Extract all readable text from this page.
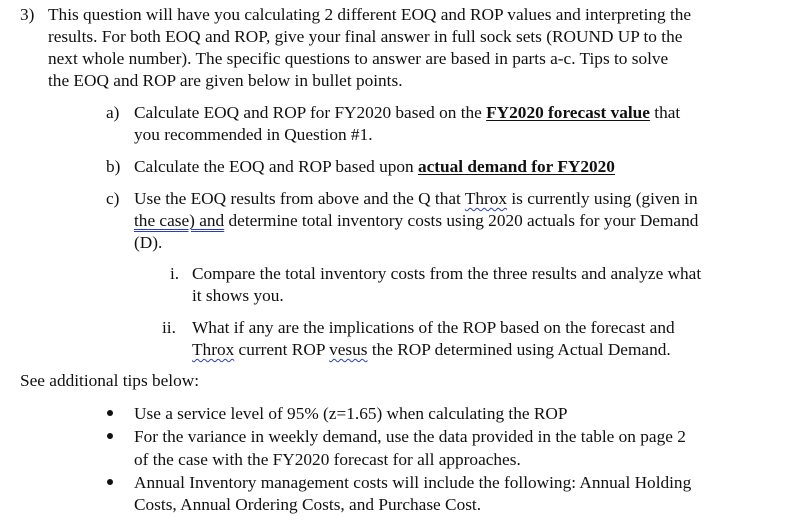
3) This question will have you calculating 2 different EOQ and ROP values and interpreting the
results. For both EOQ and ROP, give your final answer in full sock sets (ROUND UP to the
next whole number). The specific questions to answer are based in parts a-c. Tips to solve
the EOQ and ROP are given below in bullet points.
a) Calculate EOQ and ROP for FY2020 based on the FY2020 forecast value that
you recommended in Question #1.
b) Calculate the EOQ and ROP based upon actual demand for FY2020
c) Use the EOQ results from above and the Q that Throx is currently using (given in
the case) and determine total inventory costs using 2020 actuals for your Demand
(D).
i. Compare the total inventory costs from the three results and analyze what
it shows you.
ii. What if any are the implications of the ROP based on the forecast and
Throx current ROP vesus the ROP determined using Actual Demand.
See additional tips below:
Use a service level of 95% (z=1.65) when calculating the ROP
For the variance in weekly demand, use the data provided in the table on page 2
of the case with the FY2020 forecast for all approaches.
Annual Inventory management costs will include the following: Annual Holding
Costs, Annual Ordering Costs, and Purchase Cost.
